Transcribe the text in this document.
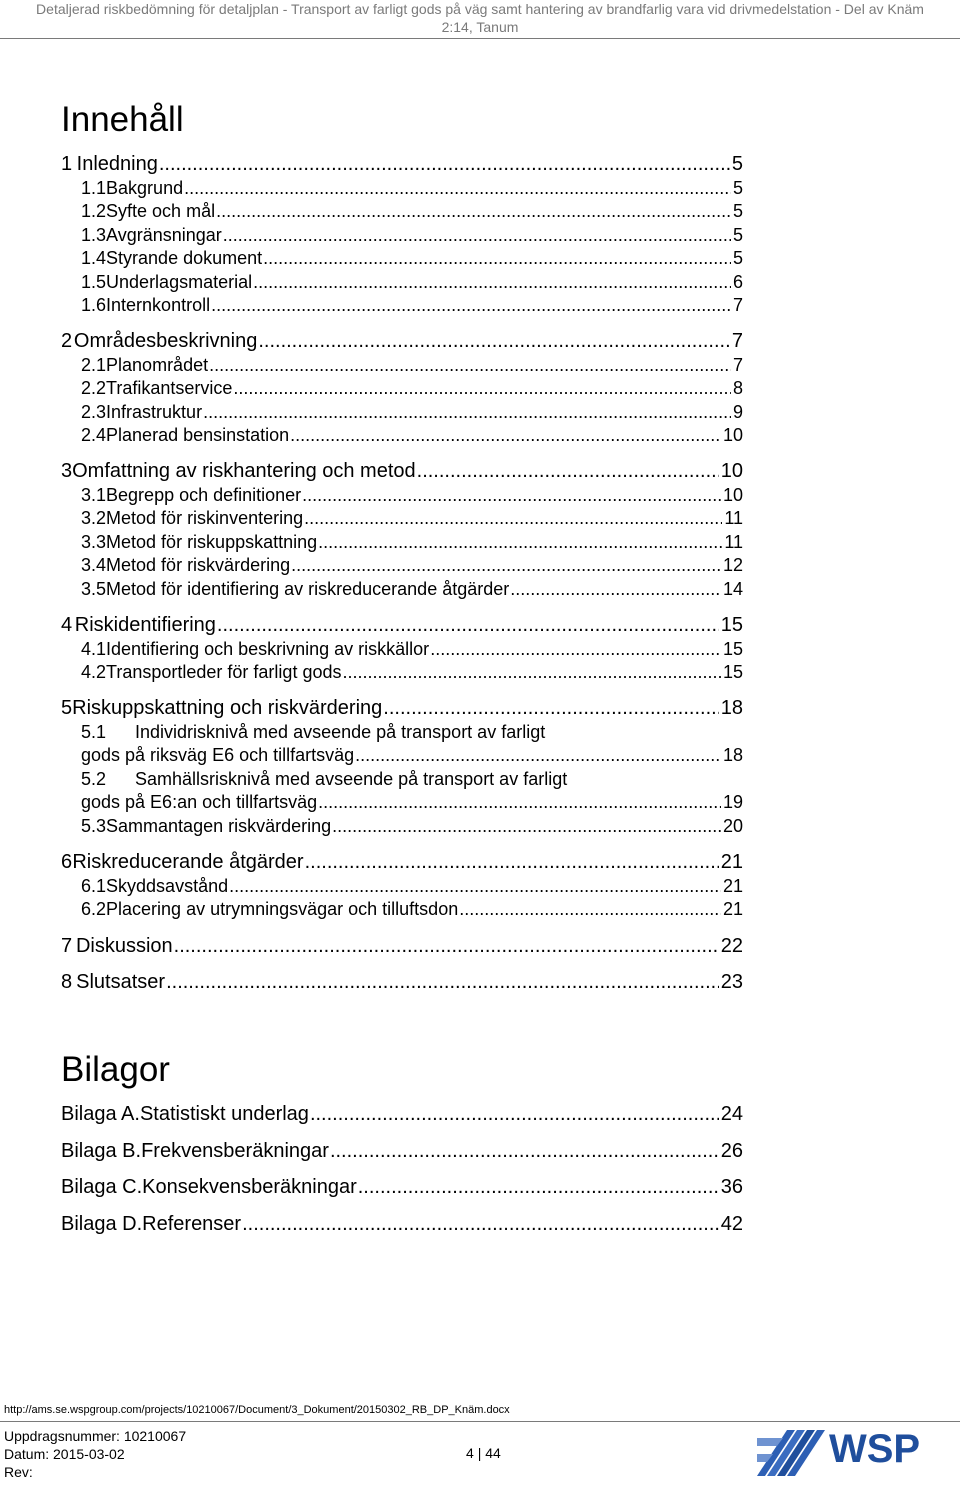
Detaljerad riskbedömning för detaljplan - Transport av farligt gods på väg samt hantering av brandfarlig vara vid drivmedelstation - Del av Knäm
2:14, Tanum
Innehåll
1 Inledning .....	5
1.1 Bakgrund .....	5
1.2 Syfte och mål .....	5
1.3 Avgränsningar .....	5
1.4 Styrande dokument .....	5
1.5 Underlagsmaterial .....	6
1.6 Internkontroll .....	7
2 Områdesbeskrivning .....	7
2.1 Planområdet .....	7
2.2 Trafikantservice .....	8
2.3 Infrastruktur .....	9
2.4 Planerad bensinstation .....	10
3 Omfattning av riskhantering och metod .....	10
3.1 Begrepp och definitioner .....	10
3.2 Metod för riskinventering .....	11
3.3 Metod för riskuppskattning .....	11
3.4 Metod för riskvärdering .....	12
3.5 Metod för identifiering av riskreducerande åtgärder .....	14
4 Riskidentifiering .....	15
4.1 Identifiering och beskrivning av riskkällor .....	15
4.2 Transportleder för farligt gods .....	15
5 Riskuppskattning och riskvärdering .....	18
5.1 Individrisknivå med avseende på transport av farligt
gods på riksväg E6 och tillfartsväg .....	18
5.2 Samhällsrisknivå med avseende på transport av farligt
gods på E6:an och tillfartsväg .....	19
5.3 Sammantagen riskvärdering .....	20
6 Riskreducerande åtgärder .....	21
6.1 Skyddsavstånd .....	21
6.2 Placering av utrymningsvägar och tilluftsdon .....	21
7 Diskussion .....	22
8 Slutsatser .....	23
Bilagor
Bilaga A. Statistiskt underlag .....	24
Bilaga B. Frekvensberäkningar .....	26
Bilaga C. Konsekvensberäkningar .....	36
Bilaga D. Referenser .....	42
http://ams.se.wspgroup.com/projects/10210067/Document/3_Dokument/20150302_RB_DP_Knäm.docx
Uppdragsnummer: 10210067
Datum: 2015-03-02
Rev:
4 | 44	WSP
